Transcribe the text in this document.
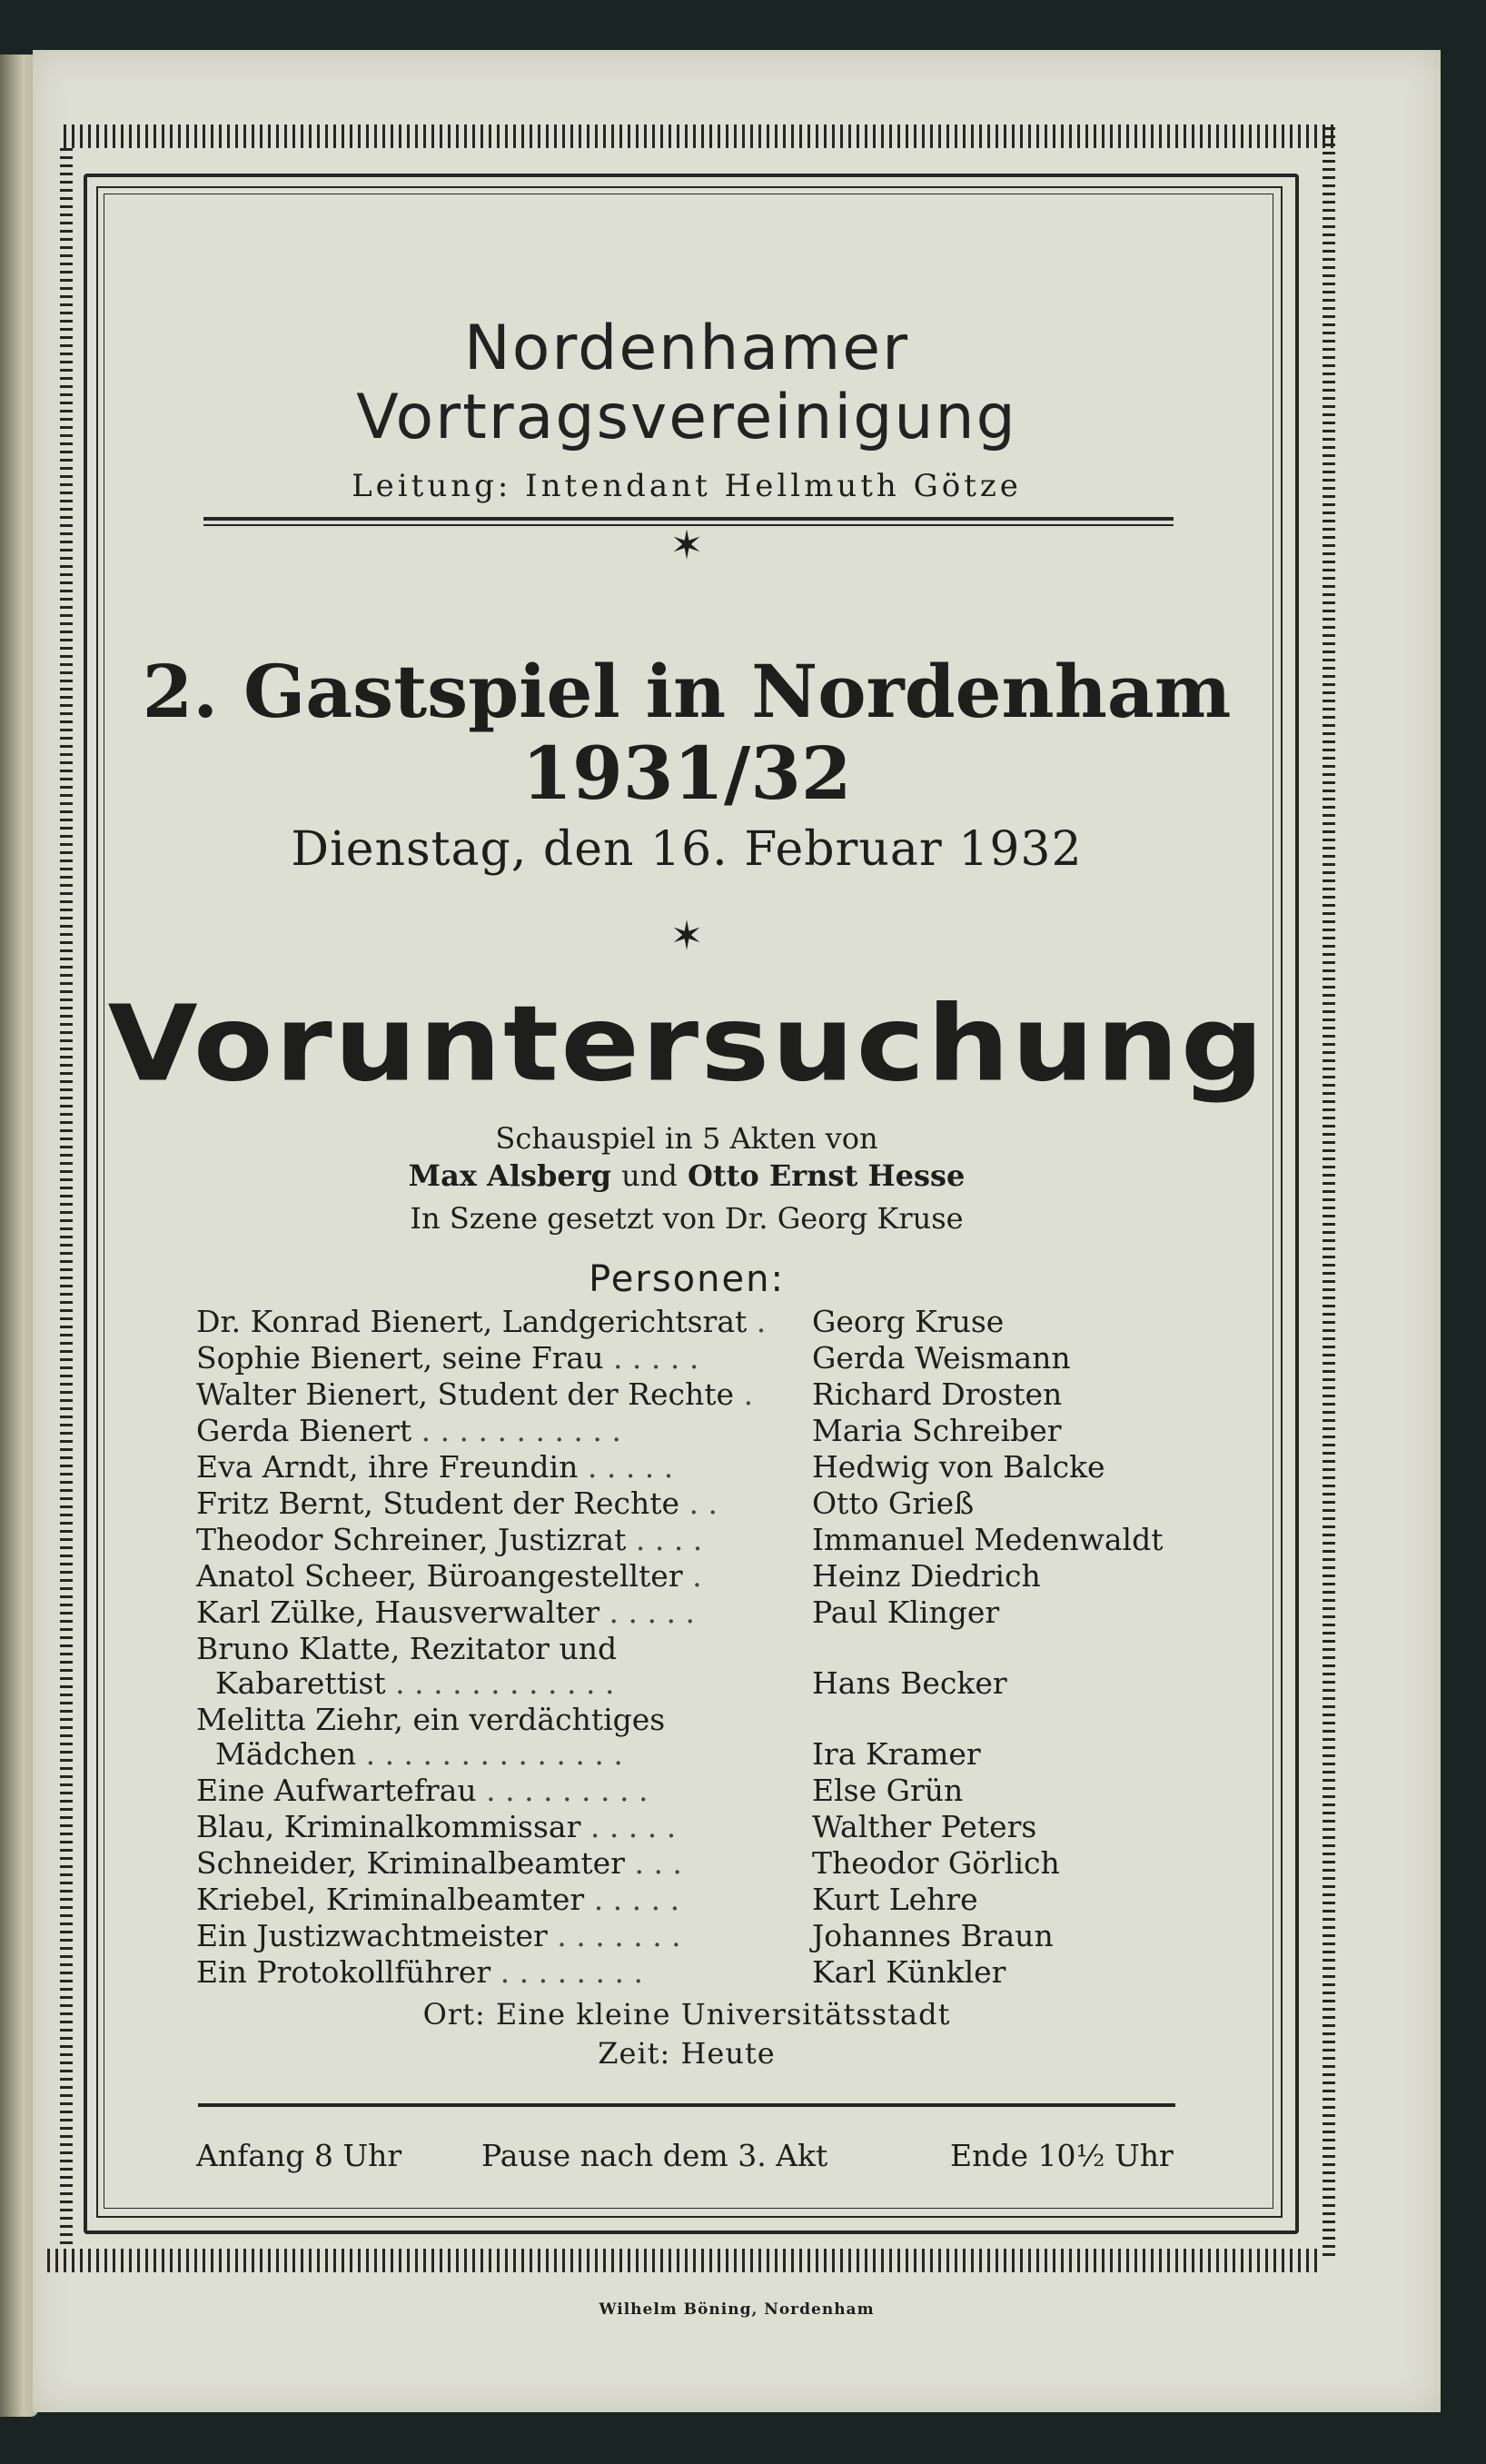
Nordenhamer
Vortragsvereinigung
Leitung: Intendant Hellmuth Götze
✶
2. Gastspiel in Nordenham
1931/32
Dienstag, den 16. Februar 1932
✶
Voruntersuchung
Schauspiel in 5 Akten von
Max Alsberg und Otto Ernst Hesse
In Szene gesetzt von Dr. Georg Kruse
Personen:
Dr. Konrad Bienert, Landgerichtsrat . Georg Kruse
Sophie Bienert, seine Frau . . . . .	Gerda Weismann
Walter Bienert, Student der Rechte . Richard Drosten
Gerda Bienert . . . . . . . . . . .	Maria Schreiber
Eva Arndt, ihre Freundin . . . . .	Hedwig von Balcke
Fritz Bernt, Student der Rechte . .	Otto Grieß
Theodor Schreiner, Justizrat . . . .	Immanuel Medenwaldt
Anatol Scheer, Büroangestellter .	Heinz Diedrich
Karl Zülke, Hausverwalter . . . . .	Paul Klinger
Bruno Klatte, Rezitator und
Kabarettist . . . . . . . . . . . .	Hans Becker
Melitta Ziehr, ein verdächtiges
Mädchen . . . . . . . . . . . . . .	Ira Kramer
Eine Aufwartefrau . . . . . . . . .	Else Grün
Blau, Kriminalkommissar . . . . .	Walther Peters
Schneider, Kriminalbeamter . . .	Theodor Görlich
Kriebel, Kriminalbeamter . . . . .	Kurt Lehre
Ein Justizwachtmeister . . . . . . .	Johannes Braun
Ein Protokollführer . . . . . . . .	Karl Künkler
Ort: Eine kleine Universitätsstadt
Zeit: Heute
Anfang 8 Uhr	Pause nach dem 3. Akt	Ende 10½ Uhr
Wilhelm Böning, Nordenham
